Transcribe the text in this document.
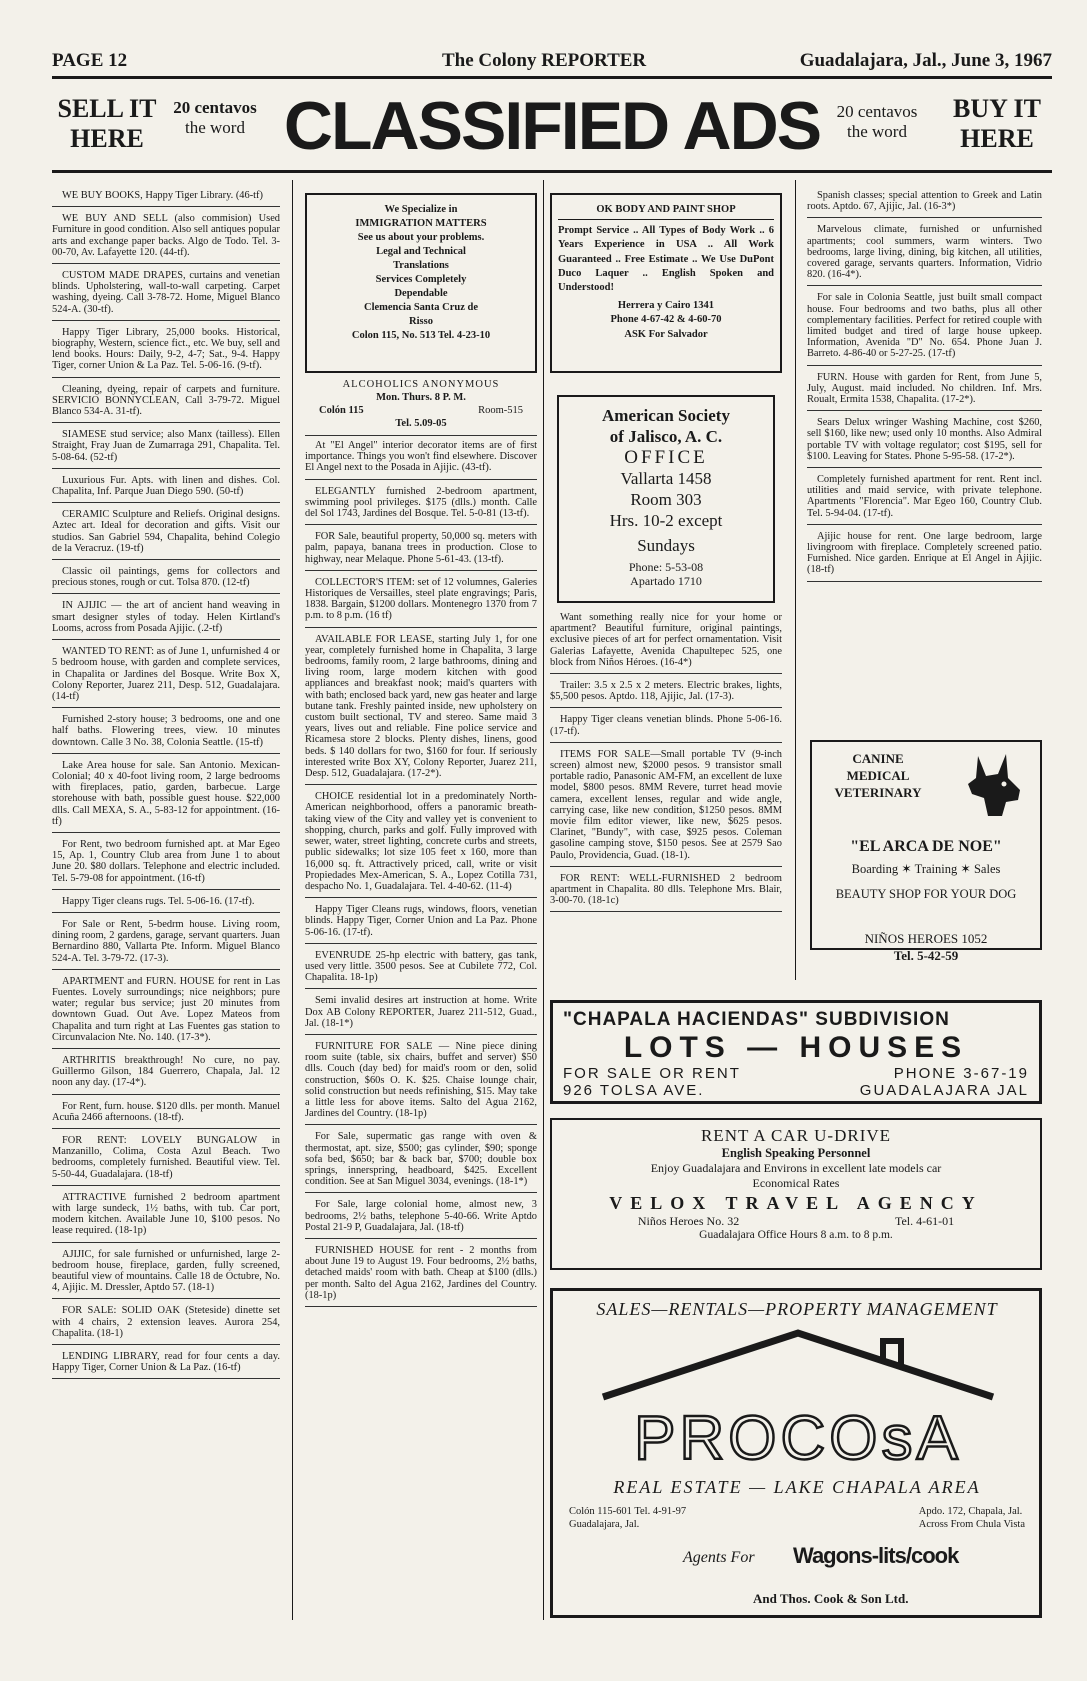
PAGE 12	The Colony REPORTER	Guadalajara, Jal., June 3, 1967
SELL IT
HERE
20 centavos
the word CLASSIFIED ADS 20 centavos
the word
BUY IT
HERE

WE BUY BOOKS, Happy Tiger Library. (46-tf)

WE BUY AND SELL (also commision) Used Furniture in good condition. Also sell antiques popular arts and exchange paper backs. Algo de Todo. Tel. 3-00-70, Av. Lafayette 120. (44-tf).

CUSTOM MADE DRAPES, curtains and venetian blinds. Upholstering, wall-to-wall carpeting. Carpet washing, dyeing. Call 3-78-72. Home, Miguel Blanco 524-A. (30-tf).

Happy Tiger Library, 25,000 books. Historical, biography, Western, science fict., etc. We buy, sell and lend books. Hours: Daily, 9-2, 4-7; Sat., 9-4. Happy Tiger, corner Union & La Paz. Tel. 5-06-16. (9-tf).

Cleaning, dyeing, repair of carpets and furniture. SERVICIO BONNYCLEAN, Call 3-79-72. Miguel Blanco 534-A. 31-tf).

SIAMESE stud service; also Manx (tailless). Ellen Straight, Fray Juan de Zumarraga 291, Chapalita. Tel. 5-08-64. (52-tf)

Luxurious Fur. Apts. with linen and dishes. Col. Chapalita, Inf. Parque Juan Diego 590. (50-tf)

CERAMIC Sculpture and Reliefs. Original designs. Aztec art. Ideal for decoration and gifts. Visit our studios. San Gabriel 594, Chapalita, behind Colegio de la Veracruz. (19-tf)

Classic oil paintings, gems for collectors and precious stones, rough or cut. Tolsa 870. (12-tf)

IN AJIJIC — the art of ancient hand weaving in smart designer styles of today. Helen Kirtland's Looms, across from Posada Ajijic. (.2-tf)

WANTED TO RENT: as of June 1, unfurnished 4 or 5 bedroom house, with garden and complete services, in Chapalita or Jardines del Bosque. Write Box X, Colony Reporter, Juarez 211, Desp. 512, Guadalajara. (14-tf)

Furnished 2-story house; 3 bedrooms, one and one half baths. Flowering trees, view. 10 minutes downtown. Calle 3 No. 38, Colonia Seattle. (15-tf)

Lake Area house for sale. San Antonio. Mexican-Colonial; 40 x 40-foot living room, 2 large bedrooms with fireplaces, patio, garden, barbecue. Large storehouse with bath, possible guest house. $22,000 dlls. Call MEXA, S. A., 5-83-12 for appointment. (16-tf)

For Rent, two bedroom furnished apt. at Mar Egeo 15, Ap. 1, Country Club area from June 1 to about June 20. $80 dollars. Telephone and electric included. Tel. 5-79-08 for appointment. (16-tf)

Happy Tiger cleans rugs. Tel. 5-06-16. (17-tf).

For Sale or Rent, 5-bedrm house. Living room, dining room, 2 gardens, garage, servant quarters. Juan Bernardino 880, Vallarta Pte. Inform. Miguel Blanco 524-A. Tel. 3-79-72. (17-3).

APARTMENT and FURN. HOUSE for rent in Las Fuentes. Lovely surroundings; nice neighbors; pure water; regular bus service; just 20 minutes from downtown Guad. Out Ave. Lopez Mateos from Chapalita and turn right at Las Fuentes gas station to Circunvalacion Nte. No. 140. (17-3*).

ARTHRITIS breakthrough! No cure, no pay. Guillermo Gilson, 184 Guerrero, Chapala, Jal. 12 noon any day. (17-4*).

For Rent, furn. house. $120 dlls. per month. Manuel Acuña 2466 afternoons. (18-tf).

FOR RENT: LOVELY BUNGALOW in Manzanillo, Colima, Costa Azul Beach. Two bedrooms, completely furnished. Beautiful view. Tel. 5-50-44, Guadalajara. (18-tf)

ATTRACTIVE furnished 2 bedroom apartment with large sundeck, 1½ baths, with tub. Car port, modern kitchen. Available June 10, $100 pesos. No lease required. (18-1p)

AJIJIC, for sale furnished or unfurnished, large 2-bedroom house, fireplace, garden, fully screened, beautiful view of mountains. Calle 18 de Octubre, No. 4, Ajijic. M. Dressler, Aptdo 57. (18-1)

FOR SALE: SOLID OAK (Steteside) dinette set with 4 chairs, 2 extension leaves. Aurora 254, Chapalita. (18-1)

LENDING LIBRARY, read for four cents a day. Happy Tiger, Corner Union & La Paz. (16-tf)

We Specialize in
IMMIGRATION MATTERS
See us about your problems.
Legal and Technical
Translations
Services Completely
Dependable
Clemencia Santa Cruz de
Risso
Colon 115, No. 513 Tel. 4-23-10
ALCOHOLICS ANONYMOUS
Mon. Thurs. 8 P. M.
Colón 115	Room-515
Tel. 5.09-05

At "El Angel" interior decorator items are of first importance. Things you won't find elsewhere. Discover El Angel next to the Posada in Ajijic. (43-tf).

ELEGANTLY furnished 2-bedroom apartment, swimming pool privileges. $175 (dlls.) month. Calle del Sol 1743, Jardines del Bosque. Tel. 5-0-81 (13-tf).

FOR Sale, beautiful property, 50,000 sq. meters with palm, papaya, banana trees in production. Close to highway, near Melaque. Phone 5-61-43. (13-tf).

COLLECTOR'S ITEM: set of 12 volumnes, Galeries Historiques de Versailles, steel plate engravings; Paris, 1838. Bargain, $1200 dollars. Montenegro 1370 from 7 p.m. to 8 p.m. (16 tf)

AVAILABLE FOR LEASE, starting July 1, for one year, completely furnished home in Chapalita, 3 large bedrooms, family room, 2 large bathrooms, dining and living room, large modern kitchen with good appliances and breakfast nook; maid's quarters with with bath; enclosed back yard, new gas heater and large butane tank. Freshly painted inside, new upholstery on custom built sectional, TV and stereo. Same maid 3 years, lives out and reliable. Fine police service and Ricamesa store 2 blocks. Plenty dishes, linens, good beds. $ 140 dollars for two, $160 for four. If seriously interested write Box XY, Colony Reporter, Juarez 211, Desp. 512, Guadalajara. (17-2*).

CHOICE residential lot in a predominately North-American neighborhood, offers a panoramic breath-taking view of the City and valley yet is convenient to shopping, church, parks and golf. Fully improved with sewer, water, street lighting, concrete curbs and streets, public sidewalks; lot size 105 feet x 160, more than 16,000 sq. ft. Attractively priced, call, write or visit Propiedades Mex-American, S. A., Lopez Cotilla 731, despacho No. 1, Guadalajara. Tel. 4-40-62. (11-4)

Happy Tiger Cleans rugs, windows, floors, venetian blinds. Happy Tiger, Corner Union and La Paz. Phone 5-06-16. (17-tf).

EVENRUDE 25-hp electric with battery, gas tank, used very little. 3500 pesos. See at Cubilete 772, Col. Chapalita. 18-1p)

Semi invalid desires art instruction at home. Write Dox AB Colony REPORTER, Juarez 211-512, Guad., Jal. (18-1*)

FURNITURE FOR SALE — Nine piece dining room suite (table, six chairs, buffet and server) $50 dlls. Couch (day bed) for maid's room or den, solid construction, $60s O. K. $25. Chaise lounge chair, solid construction but needs refinishing, $15. May take a little less for above items. Salto del Agua 2162, Jardines del Country. (18-1p)

For Sale, supermatic gas range with oven & thermostat, apt. size, $500; gas cylinder, $90; sponge sofa bed, $650; bar & back bar, $700; double box springs, innerspring, headboard, $425. Excellent condition. See at San Miguel 3034, evenings. (18-1*)

For Sale, large colonial home, almost new, 3 bedrooms, 2½ baths, telephone 5-40-66. Write Aptdo Postal 21-9 P, Guadalajara, Jal. (18-tf)

FURNISHED HOUSE for rent - 2 months from about June 19 to August 19. Four bedrooms, 2½ baths, detached maids' room with bath. Cheap at $100 (dlls.) per month. Salto del Agua 2162, Jardines del Country. (18-1p)

OK BODY AND PAINT SHOP
Prompt Service .. All Types of Body Work .. 6 Years Experience in USA .. All Work Guaranteed .. Free Estimate .. We Use DuPont Duco Laquer .. English Spoken and Understood!
Herrera y Cairo 1341
Phone 4-67-42 & 4-60-70
ASK For Salvador
American Society
of Jalisco, A. C.
OFFICE
Vallarta 1458
Room 303
Hrs. 10-2 except
Sundays
Phone: 5-53-08
Apartado 1710

Want something really nice for your home or apartment? Beautiful furniture, original paintings, exclusive pieces of art for perfect ornamentation. Visit Galerias Lafayette, Avenida Chapultepec 525, one block from Niños Héroes. (16-4*)

Trailer: 3.5 x 2.5 x 2 meters. Electric brakes, lights, $5,500 pesos. Aptdo. 118, Ajijic, Jal. (17-3).

Happy Tiger cleans venetian blinds. Phone 5-06-16. (17-tf).

ITEMS FOR SALE—Small portable TV (9-inch screen) almost new, $2000 pesos. 9 transistor small portable radio, Panasonic AM-FM, an excellent de luxe model, $800 pesos. 8MM Revere, turret head movie camera, excellent lenses, regular and wide angle, carrying case, like new condition, $1250 pesos. 8MM movie film editor viewer, like new, $625 pesos. Clarinet, "Bundy", with case, $925 pesos. Coleman gasoline camping stove, $150 pesos. See at 2579 Sao Paulo, Providencia, Guad. (18-1).

FOR RENT: WELL-FURNISHED 2 bedroom apartment in Chapalita. 80 dlls. Telephone Mrs. Blair, 3-00-70. (18-1c)

Spanish classes; special attention to Greek and Latin roots. Aptdo. 67, Ajijic, Jal. (16-3*)

Marvelous climate, furnished or unfurnished apartments; cool summers, warm winters. Two bedrooms, large living, dining, big kitchen, all utilities, covered garage, servants quarters. Information, Vidrio 820. (16-4*).

For sale in Colonia Seattle, just built small compact house. Four bedrooms and two baths, plus all other complementary facilities. Perfect for retired couple with limited budget and tired of large house upkeep. Information, Avenida "D" No. 654. Phone Juan J. Barreto. 4-86-40 or 5-27-25. (17-tf)

FURN. House with garden for Rent, from June 5, July, August. maid included. No children. Inf. Mrs. Roualt, Ermita 1538, Chapalita. (17-2*).

Sears Delux wringer Washing Machine, cost $260, sell $160, like new; used only 10 months. Also Admiral portable TV with voltage regulator; cost $195, sell for $100. Leaving for States. Phone 5-95-58. (17-2*).

Completely furnished apartment for rent. Rent incl. utilities and maid service, with private telephone. Apartments "Florencia". Mar Egeo 160, Country Club. Tel. 5-94-04. (17-tf).

Ajijic house for rent. One large bedroom, large livingroom with fireplace. Completely screened patio. Furnished. Nice garden. Enrique at El Angel in Ajijic. (18-tf)

CANINE
MEDICAL
VETERINARY
"EL ARCA DE NOE"
Boarding ✶ Training ✶ Sales
BEAUTY SHOP FOR YOUR DOG
NIÑOS HEROES 1052
Tel. 5-42-59
"CHAPALA HACIENDAS" SUBDIVISION
LOTS — HOUSES
FOR SALE OR RENT	PHONE 3-67-19
926 TOLSA AVE.	GUADALAJARA JAL
RENT A CAR U-DRIVE
English Speaking Personnel
Enjoy Guadalajara and Environs in excellent late models car
Economical Rates
VELOX TRAVEL AGENCY
Niños Heroes No. 32	Tel. 4-61-01
Guadalajara Office Hours 8 a.m. to 8 p.m.
SALES—RENTALS—PROPERTY MANAGEMENT
PROCOsA
REAL ESTATE — LAKE CHAPALA AREA
Colón 115-601 Tel. 4-91-97
Guadalajara, Jal.
Apdo. 172, Chapala, Jal.
Across From Chula Vista
Agents For Wagons-lits/cook
And Thos. Cook & Son Ltd.
